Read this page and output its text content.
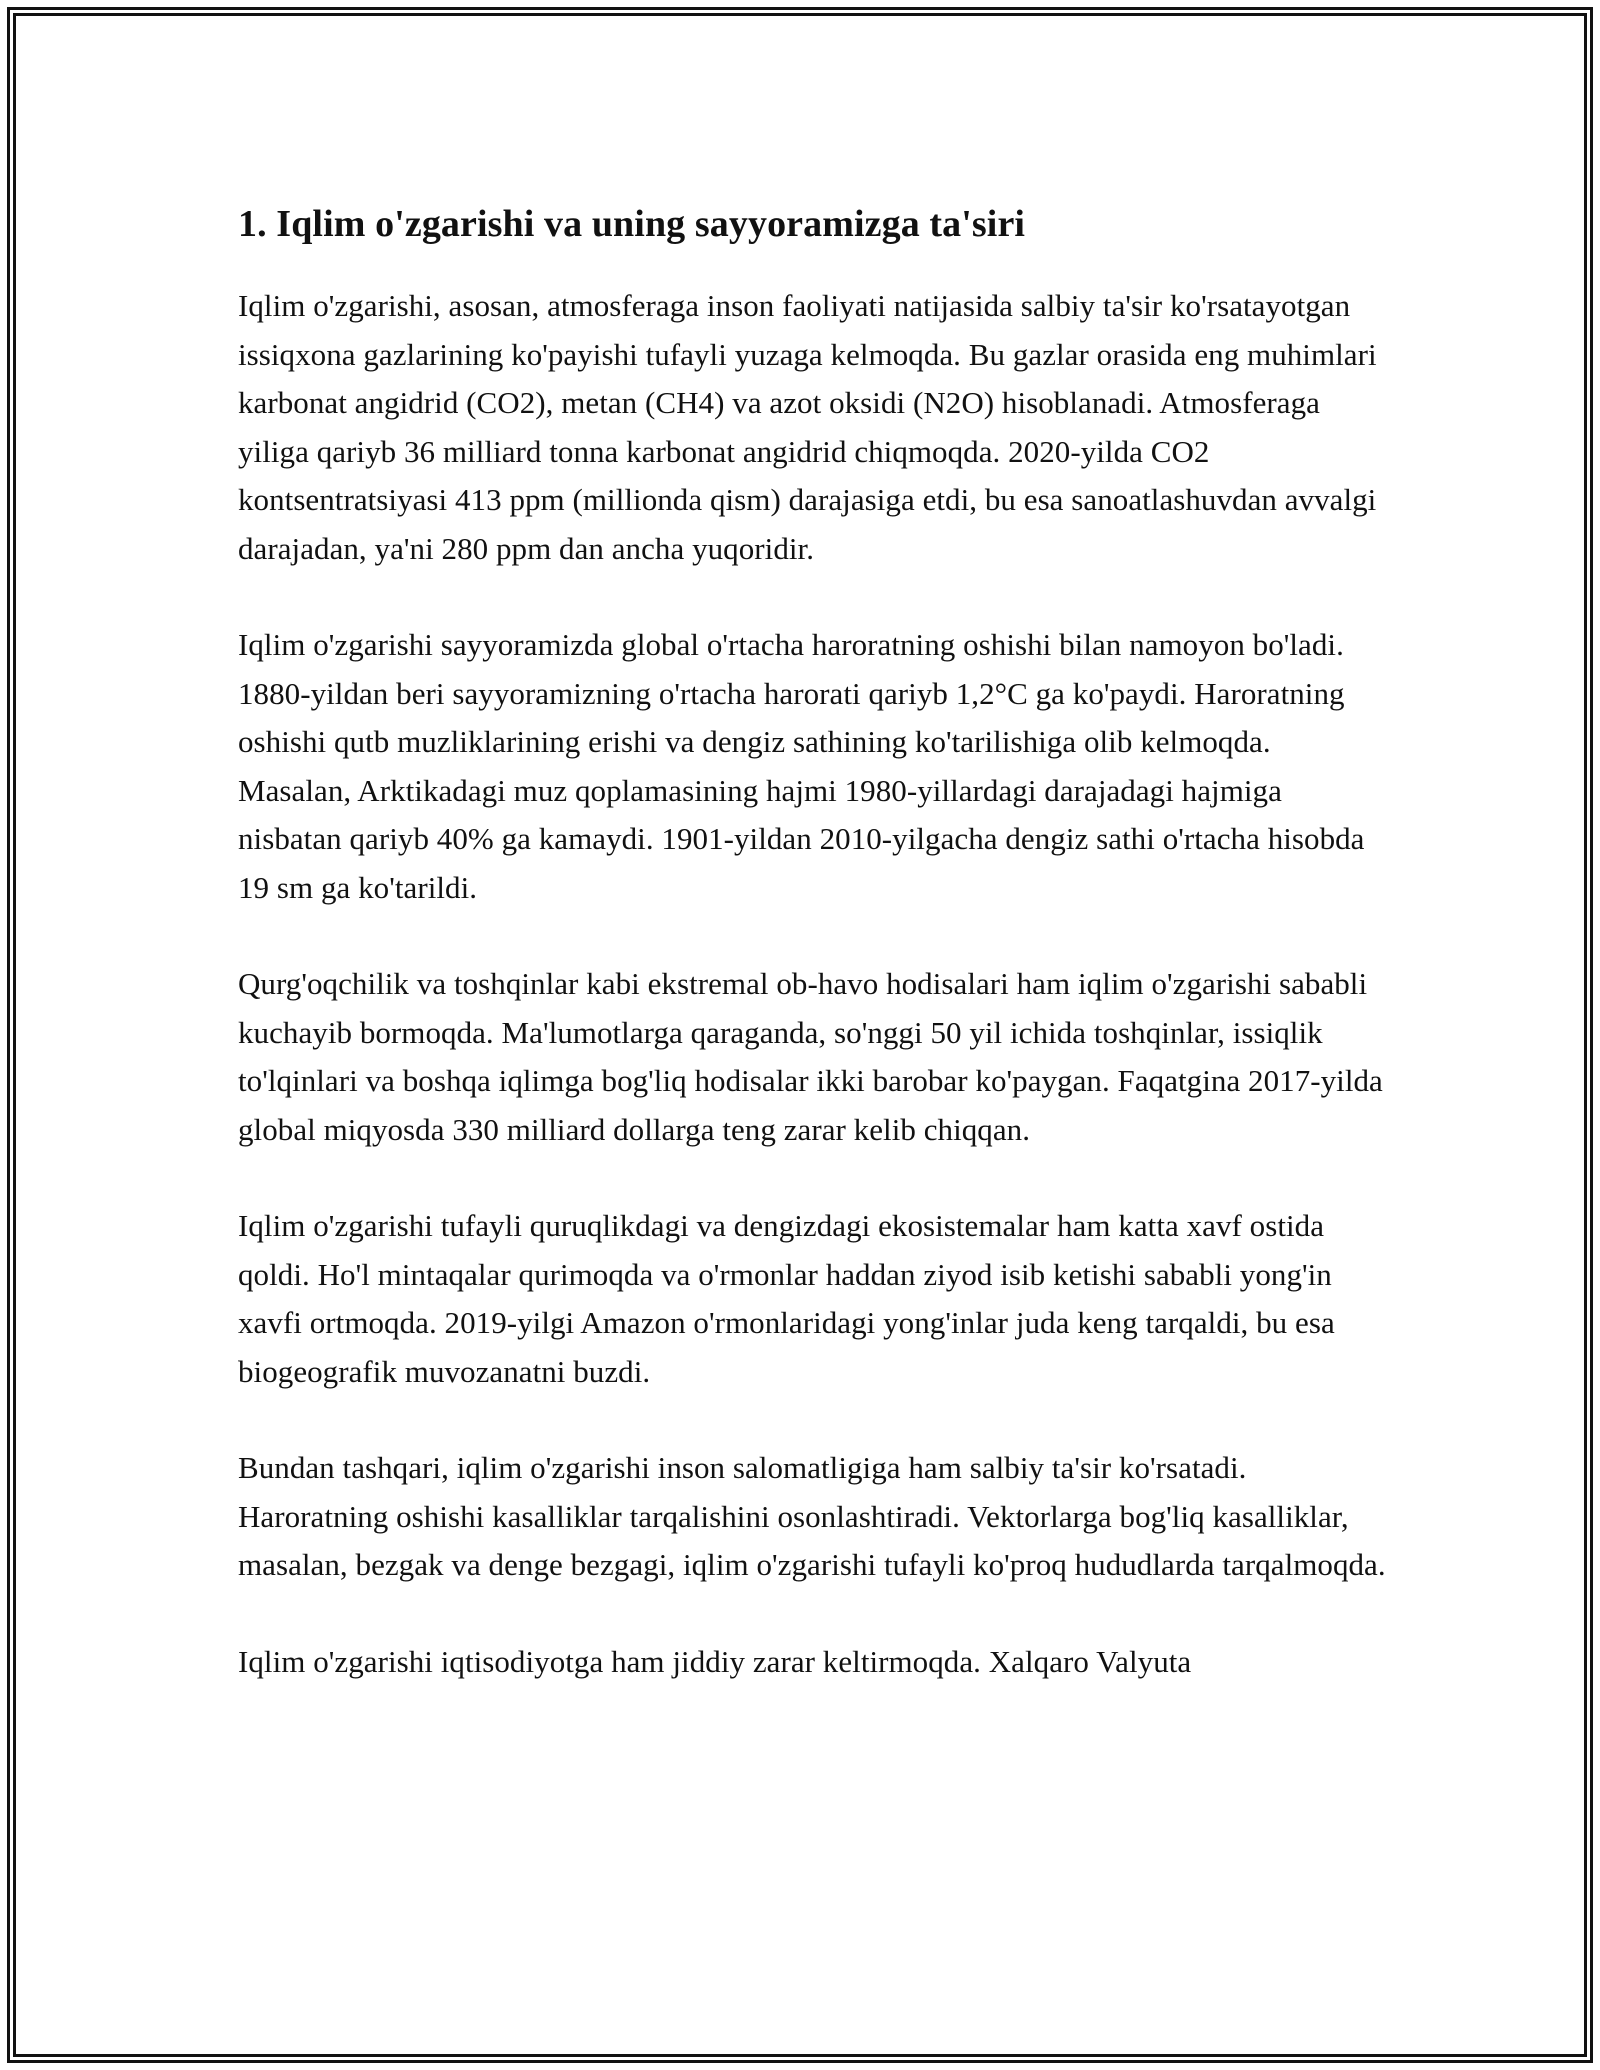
1. Iqlim o'zgarishi va uning sayyoramizga ta'siri

Iqlim o'zgarishi, asosan, atmosferaga inson faoliyati natijasida salbiy ta'sir ko'rsatayotgan issiqxona gazlarining ko'payishi tufayli yuzaga kelmoqda. Bu gazlar orasida eng muhimlari karbonat angidrid (CO2), metan (CH4) va azot oksidi (N2O) hisoblanadi. Atmosferaga yiliga qariyb 36 milliard tonna karbonat angidrid chiqmoqda. 2020-yilda CO2 kontsentratsiyasi 413 ppm (millionda qism) darajasiga etdi, bu esa sanoatlashuvdan avvalgi darajadan, ya'ni 280 ppm dan ancha yuqoridir.

Iqlim o'zgarishi sayyoramizda global o'rtacha haroratning oshishi bilan namoyon bo'ladi. 1880-yildan beri sayyoramizning o'rtacha harorati qariyb 1,2°C ga ko'paydi. Haroratning oshishi qutb muzliklarining erishi va dengiz sathining ko'tarilishiga olib kelmoqda. Masalan, Arktikadagi muz qoplamasining hajmi 1980-yillardagi darajadagi hajmiga nisbatan qariyb 40% ga kamaydi. 1901-yildan 2010-yilgacha dengiz sathi o'rtacha hisobda 19 sm ga ko'tarildi.

Qurg'oqchilik va toshqinlar kabi ekstremal ob-havo hodisalari ham iqlim o'zgarishi sababli kuchayib bormoqda. Ma'lumotlarga qaraganda, so'nggi 50 yil ichida toshqinlar, issiqlik to'lqinlari va boshqa iqlimga bog'liq hodisalar ikki barobar ko'paygan. Faqatgina 2017-yilda global miqyosda 330 milliard dollarga teng zarar kelib chiqqan.

Iqlim o'zgarishi tufayli quruqlikdagi va dengizdagi ekosistemalar ham katta xavf ostida qoldi. Ho'l mintaqalar qurimoqda va o'rmonlar haddan ziyod isib ketishi sababli yong'in xavfi ortmoqda. 2019-yilgi Amazon o'rmonlaridagi yong'inlar juda keng tarqaldi, bu esa biogeografik muvozanatni buzdi.

Bundan tashqari, iqlim o'zgarishi inson salomatligiga ham salbiy ta'sir ko'rsatadi. Haroratning oshishi kasalliklar tarqalishini osonlashtiradi. Vektorlarga bog'liq kasalliklar, masalan, bezgak va denge bezgagi, iqlim o'zgarishi tufayli ko'proq hududlarda tarqalmoqda.

Iqlim o'zgarishi iqtisodiyotga ham jiddiy zarar keltirmoqda. Xalqaro Valyuta
